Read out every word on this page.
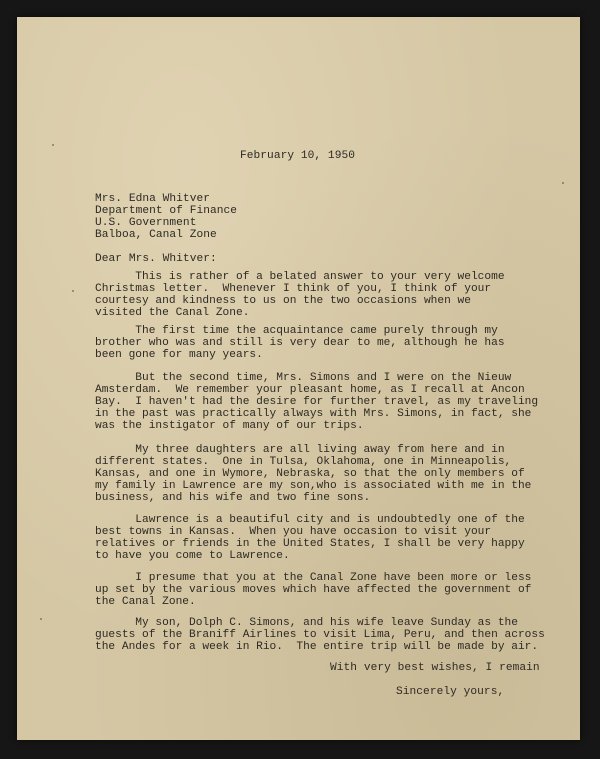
February 10, 1950
Mrs. Edna Whitver
Department of Finance
U.S. Government
Balboa, Canal Zone
Dear Mrs. Whitver:
This is rather of a belated answer to your very welcome
Christmas letter.  Whenever I think of you, I think of your
courtesy and kindness to us on the two occasions when we
visited the Canal Zone.
The first time the acquaintance came purely through my
brother who was and still is very dear to me, although he has
been gone for many years.
But the second time, Mrs. Simons and I were on the Nieuw
Amsterdam.  We remember your pleasant home, as I recall at Ancon
Bay.  I haven't had the desire for further travel, as my traveling
in the past was practically always with Mrs. Simons, in fact, she
was the instigator of many of our trips.
My three daughters are all living away from here and in
different states.  One in Tulsa, Oklahoma, one in Minneapolis,
Kansas, and one in Wymore, Nebraska, so that the only members of
my family in Lawrence are my son,who is associated with me in the
business, and his wife and two fine sons.
Lawrence is a beautiful city and is undoubtedly one of the
best towns in Kansas.  When you have occasion to visit your
relatives or friends in the United States, I shall be very happy
to have you come to Lawrence.
I presume that you at the Canal Zone have been more or less
up set by the various moves which have affected the government of
the Canal Zone.
My son, Dolph C. Simons, and his wife leave Sunday as the
guests of the Braniff Airlines to visit Lima, Peru, and then across
the Andes for a week in Rio.  The entire trip will be made by air.
With very best wishes, I remain
Sincerely yours,
